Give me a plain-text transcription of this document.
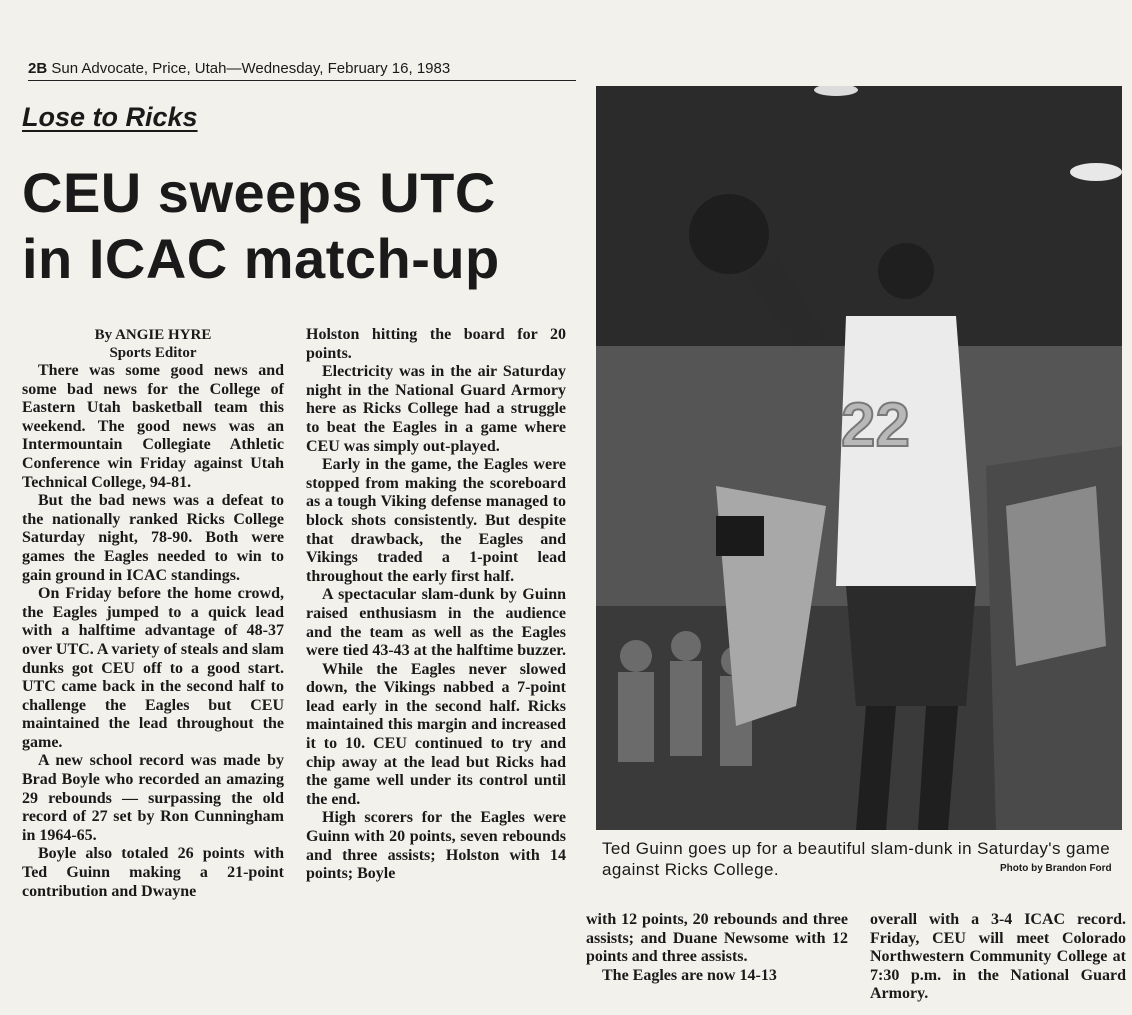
2B Sun Advocate, Price, Utah—Wednesday, February 16, 1983
Lose to Ricks
CEU sweeps UTC
in ICAC match-up
By ANGIE HYRE
Sports Editor

There was some good news and some bad news for the College of Eastern Utah basketball team this weekend. The good news was an Intermountain Collegiate Athletic Conference win Friday against Utah Technical College, 94-81.

But the bad news was a defeat to the nationally ranked Ricks College Saturday night, 78-90. Both were games the Eagles needed to win to gain ground in ICAC standings.

On Friday before the home crowd, the Eagles jumped to a quick lead with a halftime advantage of 48-37 over UTC. A variety of steals and slam dunks got CEU off to a good start. UTC came back in the second half to challenge the Eagles but CEU maintained the lead throughout the game.

A new school record was made by Brad Boyle who recorded an amazing 29 rebounds — surpassing the old record of 27 set by Ron Cunningham in 1964-65.

Boyle also totaled 26 points with Ted Guinn making a 21-point contribution and Dwayne

Holston hitting the board for 20 points.

Electricity was in the air Saturday night in the National Guard Armory here as Ricks College had a struggle to beat the Eagles in a game where CEU was simply out-played.

Early in the game, the Eagles were stopped from making the scoreboard as a tough Viking defense managed to block shots consistently. But despite that drawback, the Eagles and Vikings traded a 1-point lead throughout the early first half.

A spectacular slam-dunk by Guinn raised enthusiasm in the audience and the team as well as the Eagles were tied 43-43 at the halftime buzzer.

While the Eagles never slowed down, the Vikings nabbed a 7-point lead early in the second half. Ricks maintained this margin and increased it to 10. CEU continued to try and chip away at the lead but Ricks had the game well under its control until the end.

High scorers for the Eagles were Guinn with 20 points, seven rebounds and three assists; Holston with 14 points; Boyle

22
Ted Guinn goes up for a beautiful slam-dunk in Saturday's game against Ricks College.	Photo by Brandon Ford

with 12 points, 20 rebounds and three assists; and Duane Newsome with 12 points and three assists.

The Eagles are now 14-13

overall with a 3-4 ICAC record. Friday, CEU will meet Colorado Northwestern Community College at 7:30 p.m. in the National Guard Armory.
